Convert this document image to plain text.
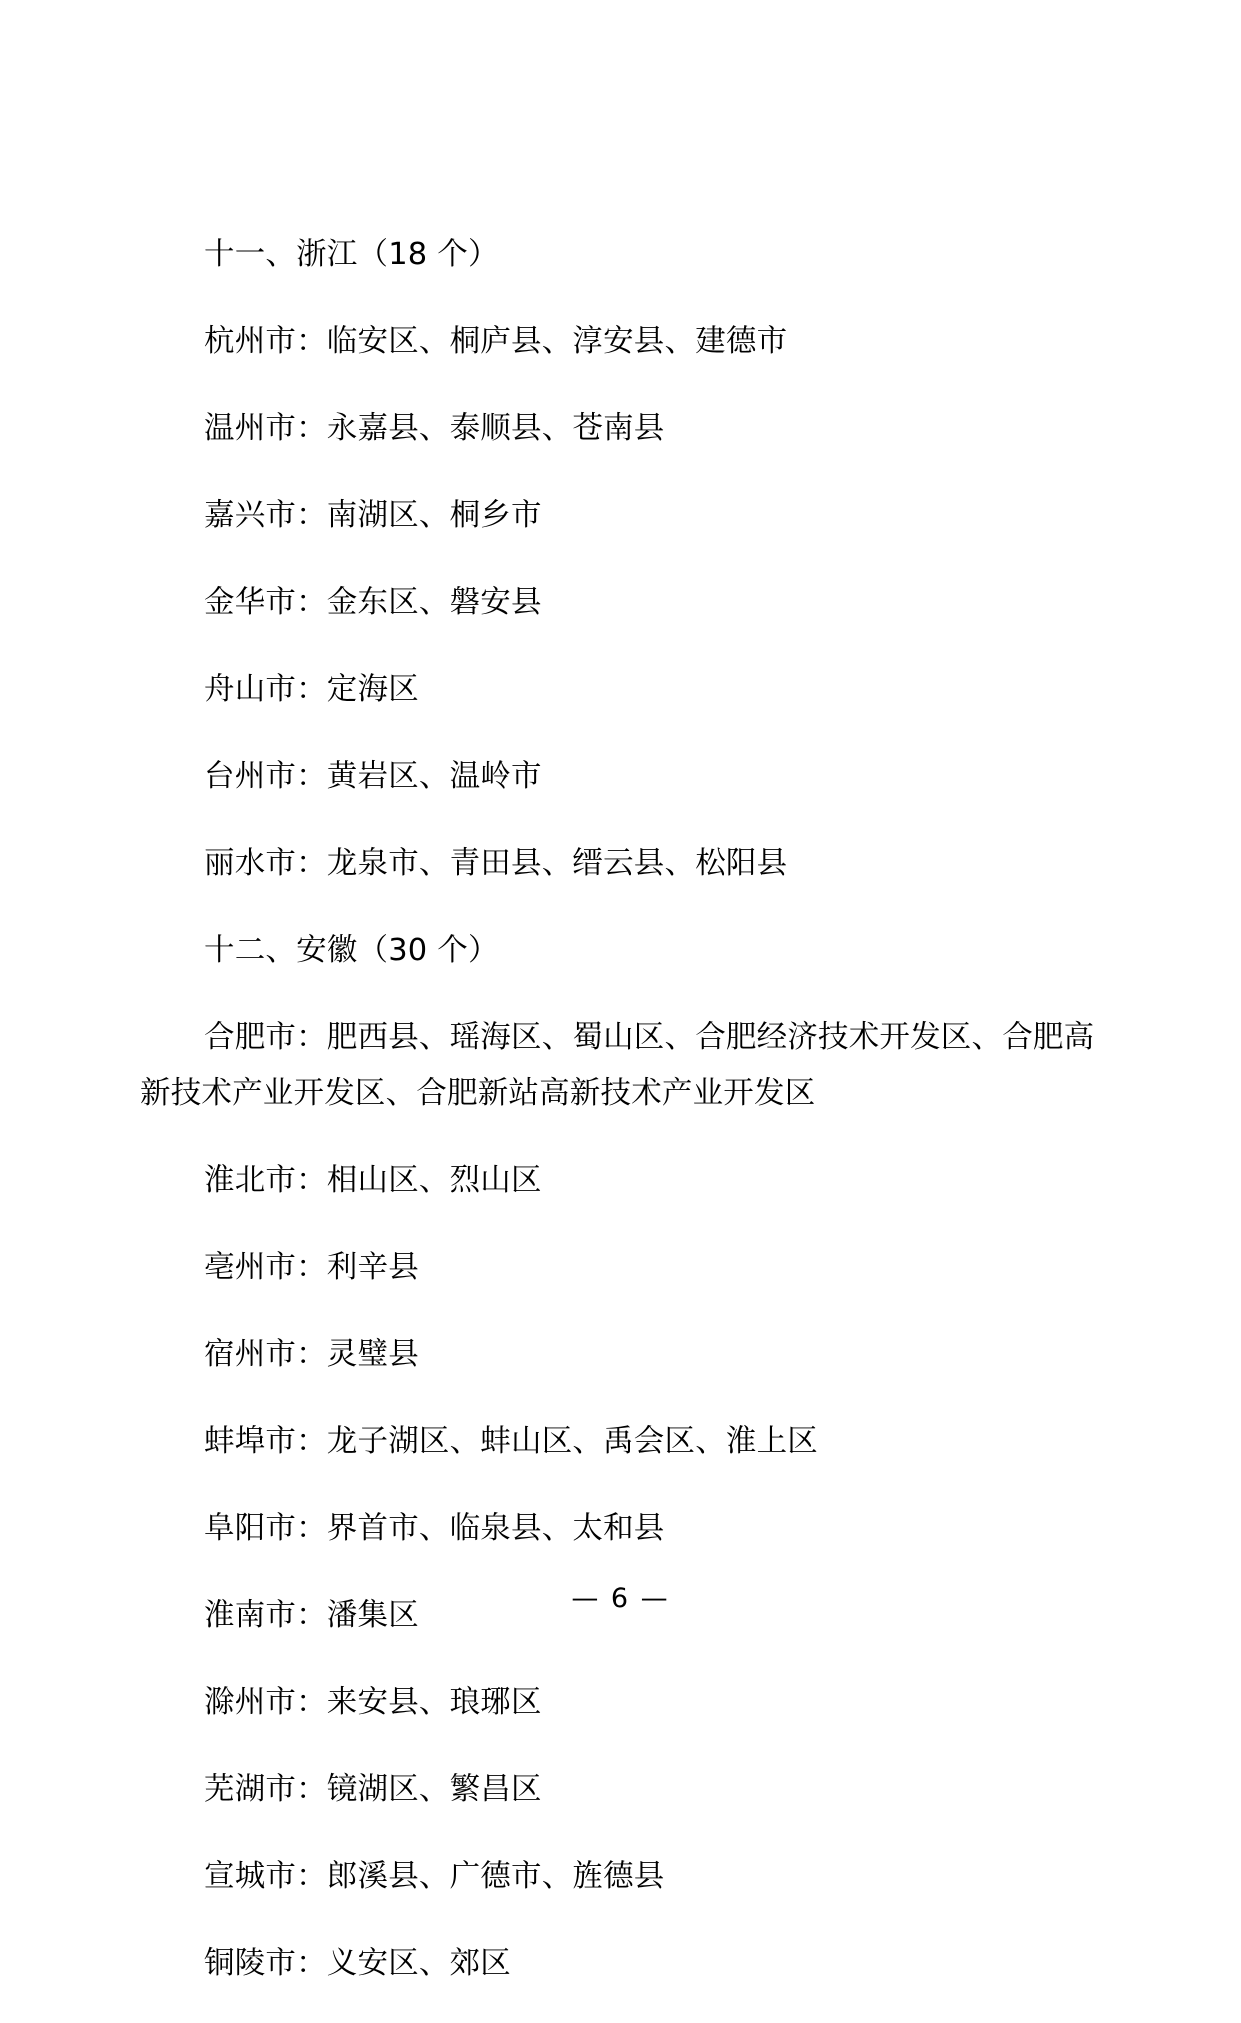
十一、浙江（18 个）

杭州市：临安区、桐庐县、淳安县、建德市

温州市：永嘉县、泰顺县、苍南县

嘉兴市：南湖区、桐乡市

金华市：金东区、磐安县

舟山市：定海区

台州市：黄岩区、温岭市

丽水市：龙泉市、青田县、缙云县、松阳县

十二、安徽（30 个）

合肥市：肥西县、瑶海区、蜀山区、合肥经济技术开发区、合肥高新技术产业开发区、合肥新站高新技术产业开发区

淮北市：相山区、烈山区

亳州市：利辛县

宿州市：灵璧县

蚌埠市：龙子湖区、蚌山区、禹会区、淮上区

阜阳市：界首市、临泉县、太和县

淮南市：潘集区

滁州市：来安县、琅琊区

芜湖市：镜湖区、繁昌区

宣城市：郎溪县、广德市、旌德县

铜陵市：义安区、郊区

— 6 —
